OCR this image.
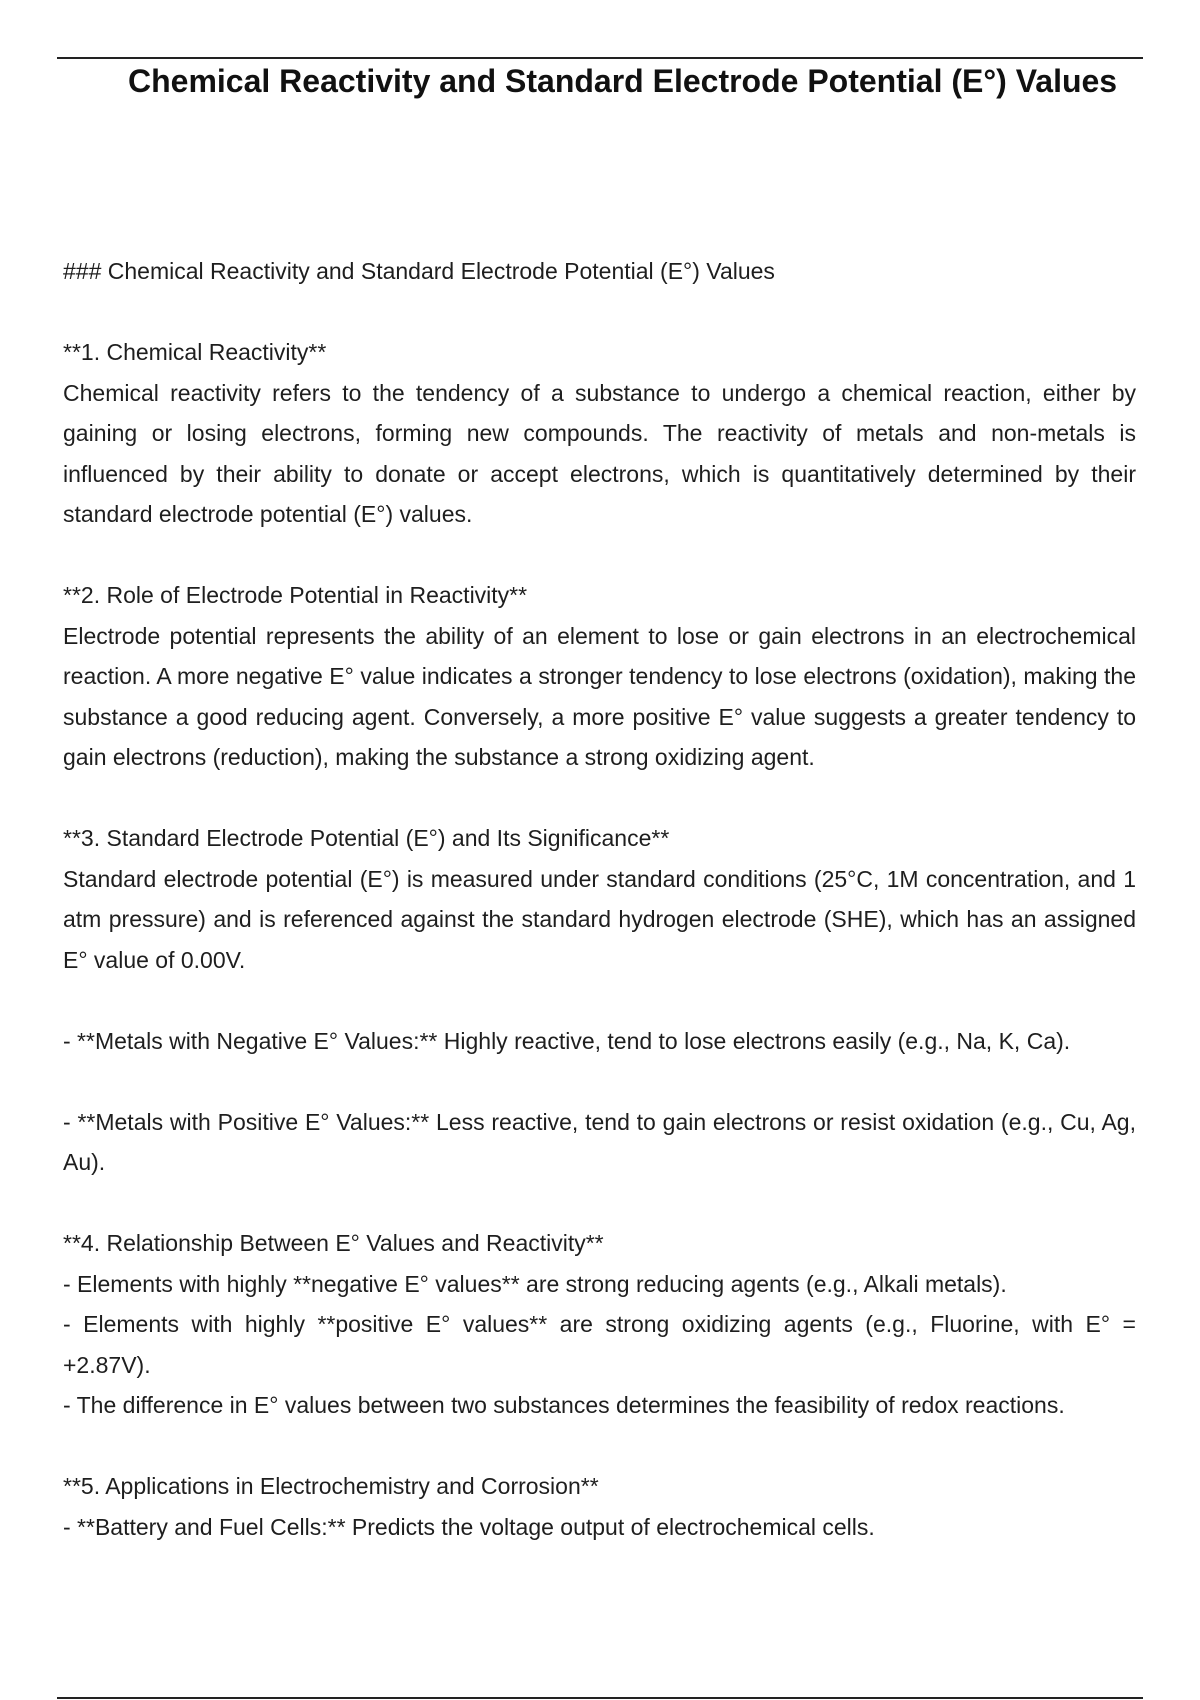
Chemical Reactivity and Standard Electrode Potential (E°) Values

### Chemical Reactivity and Standard Electrode Potential (E°) Values

**1. Chemical Reactivity**

Chemical reactivity refers to the tendency of a substance to undergo a chemical reaction, either by gaining or losing electrons, forming new compounds. The reactivity of metals and non-metals is influenced by their ability to donate or accept electrons, which is quantitatively determined by their standard electrode potential (E°) values.

**2. Role of Electrode Potential in Reactivity**

Electrode potential represents the ability of an element to lose or gain electrons in an electrochemical reaction. A more negative E° value indicates a stronger tendency to lose electrons (oxidation), making the substance a good reducing agent. Conversely, a more positive E° value suggests a greater tendency to gain electrons (reduction), making the substance a strong oxidizing agent.

**3. Standard Electrode Potential (E°) and Its Significance**

Standard electrode potential (E°) is measured under standard conditions (25°C, 1M concentration, and 1 atm pressure) and is referenced against the standard hydrogen electrode (SHE), which has an assigned E° value of 0.00V.

- **Metals with Negative E° Values:** Highly reactive, tend to lose electrons easily (e.g., Na, K, Ca).

- **Metals with Positive E° Values:** Less reactive, tend to gain electrons or resist oxidation (e.g., Cu, Ag, Au).

**4. Relationship Between E° Values and Reactivity**

- Elements with highly **negative E° values** are strong reducing agents (e.g., Alkali metals).

- Elements with highly **positive E° values** are strong oxidizing agents (e.g., Fluorine, with E° = +2.87V).

- The difference in E° values between two substances determines the feasibility of redox reactions.

**5. Applications in Electrochemistry and Corrosion**

- **Battery and Fuel Cells:** Predicts the voltage output of electrochemical cells.
